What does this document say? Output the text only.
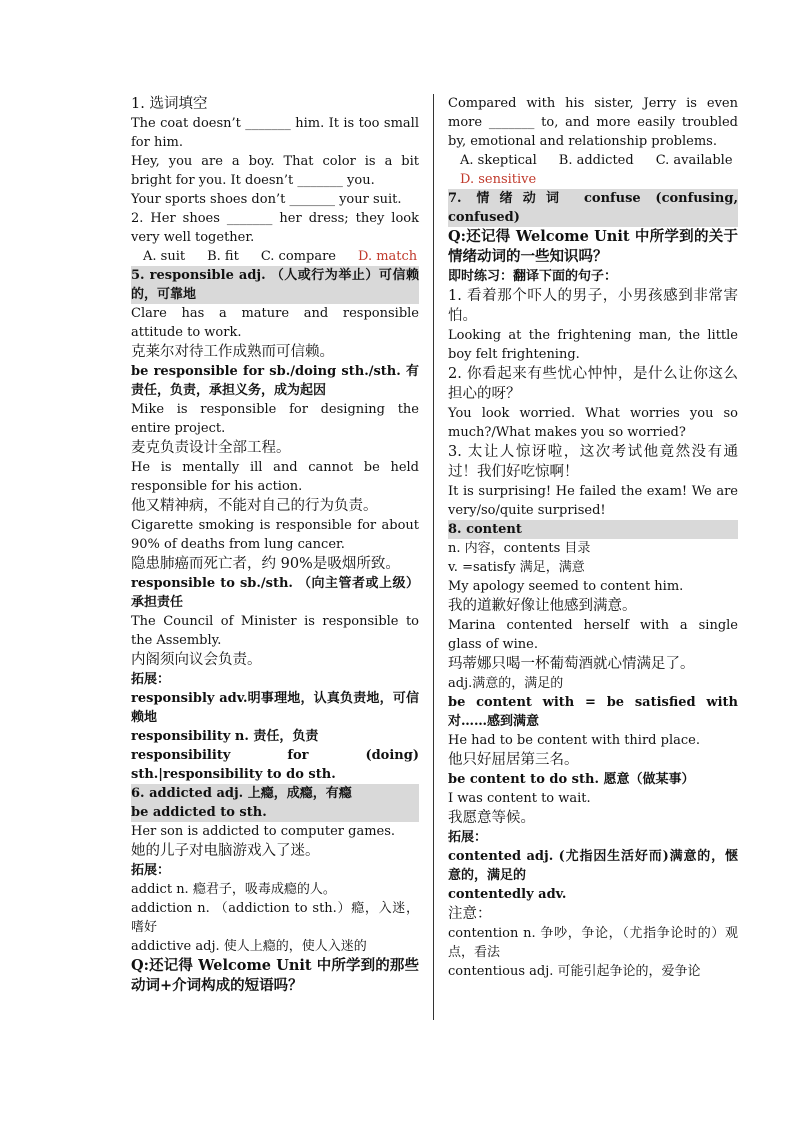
1. 选词填空

The coat doesn’t _______ him. It is too small for him.

Hey, you are a boy. That color is a bit bright for you. It doesn’t _______ you.

Your sports shoes don’t _______ your suit.

2. Her shoes _______ her dress; they look very well together.

A. suit B. fit C. compare D. match

5. responsible adj. （人或行为举止）可信赖的，可靠地

Clare has a mature and responsible attitude to work.

克莱尔对待工作成熟而可信赖。

be responsible for sb./doing sth./sth. 有责任，负责，承担义务，成为起因

Mike is responsible for designing the entire project.

麦克负责设计全部工程。

He is mentally ill and cannot be held responsible for his action.

他又精神病，不能对自己的行为负责。

Cigarette smoking is responsible for about 90% of deaths from lung cancer.

隐患肺癌而死亡者，约 90%是吸烟所致。

responsible to sb./sth. （向主管者或上级）承担责任

The Council of Minister is responsible to the Assembly.

内阁须向议会负责。

拓展：

responsibly adv.明事理地，认真负责地，可信赖地

responsibility n. 责任，负责

responsibility for (doing) sth.|responsibility to do sth.

6. addicted adj. 上瘾，成瘾，有瘾

be addicted to sth.

Her son is addicted to computer games.

她的儿子对电脑游戏入了迷。

拓展：

addict n. 瘾君子，吸毒成瘾的人。

addiction n. （addiction to sth.）瘾，入迷，嗜好

addictive adj. 使人上瘾的，使人入迷的

Q:还记得 Welcome Unit 中所学到的那些动词+介词构成的短语吗？

Compared with his sister, Jerry is even more _______ to, and more easily troubled by, emotional and relationship problems.

A. skeptical B. addicted C. available

D. sensitive

7. 情绪动词 confuse (confusing, confused)

Q:还记得 Welcome Unit 中所学到的关于情绪动词的一些知识吗？

即时练习：翻译下面的句子：

1. 看着那个吓人的男子，小男孩感到非常害怕。

Looking at the frightening man, the little boy felt frightening.

2. 你看起来有些忧心忡忡，是什么让你这么担心的呀？

You look worried. What worries you so much?/What makes you so worried?

3. 太让人惊讶啦，这次考试他竟然没有通过！我们好吃惊啊！

It is surprising! He failed the exam! We are very/so/quite surprised!

8. content

n. 内容，contents 目录

v. =satisfy 满足，满意

My apology seemed to content him.

我的道歉好像让他感到满意。

Marina contented herself with a single glass of wine.

玛蒂娜只喝一杯葡萄酒就心情满足了。

adj.满意的，满足的

be content with = be satisfied with 对……感到满意

He had to be content with third place.

他只好屈居第三名。

be content to do sth. 愿意（做某事）

I was content to wait.

我愿意等候。

拓展：

contented adj. (尤指因生活好而)满意的，惬意的，满足的

contentedly adv.

注意：

contention n. 争吵，争论，（尤指争论时的）观点，看法

contentious adj. 可能引起争论的，爱争论
